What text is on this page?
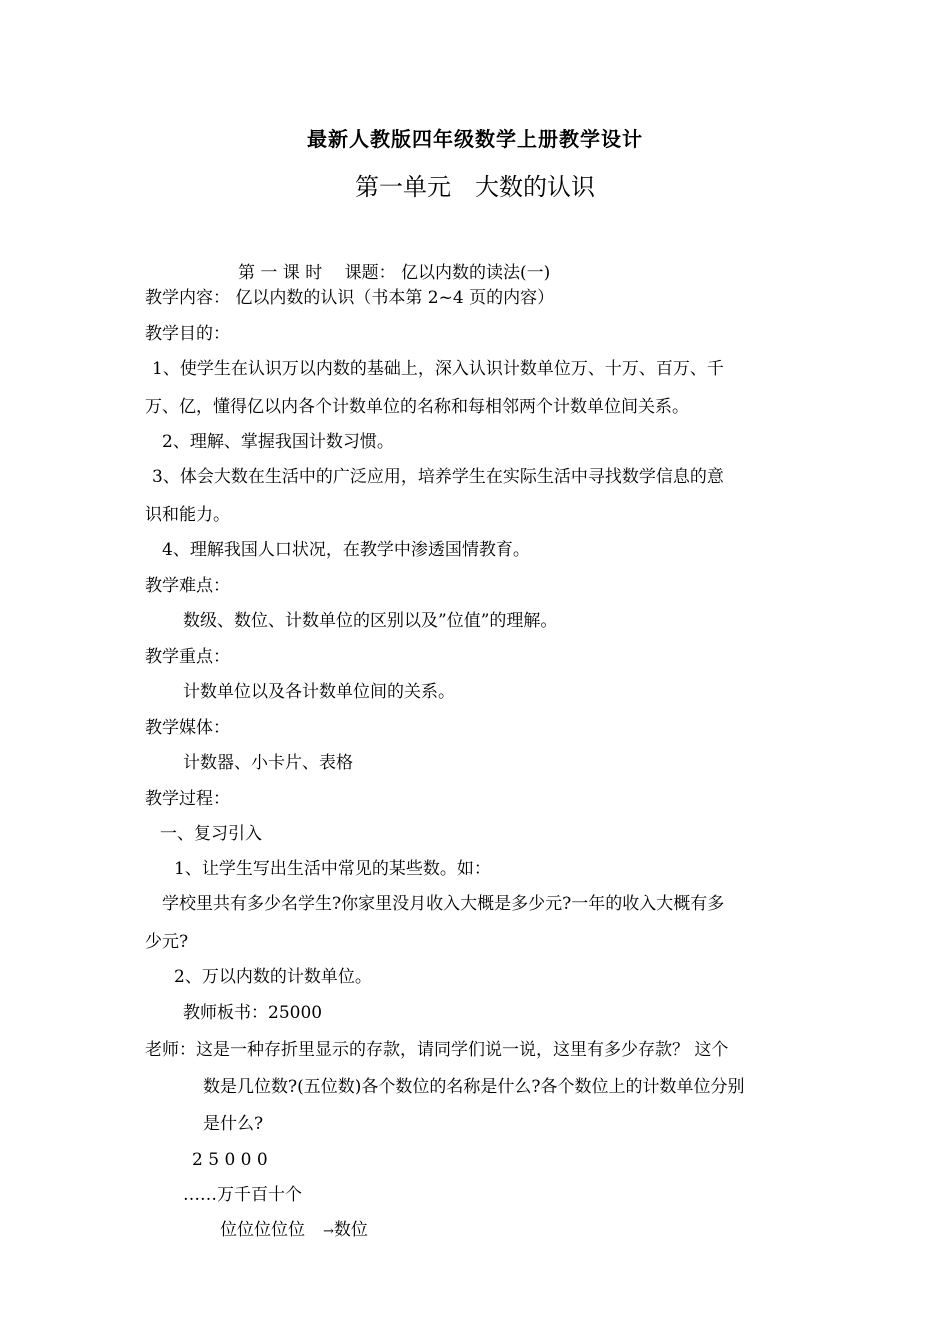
最新人教版四年级数学上册教学设计
第一单元　大数的认识
第 一 课 时　 课题： 亿以内数的读法(一)
教学内容： 亿以内数的认识（书本第 2~4 页的内容）
教学目的：
1、使学生在认识万以内数的基础上，深入认识计数单位万、十万、百万、千
万、亿，懂得亿以内各个计数单位的名称和每相邻两个计数单位间关系。
2、理解、掌握我国计数习惯。
3、体会大数在生活中的广泛应用，培养学生在实际生活中寻找数学信息的意
识和能力。
4、理解我国人口状况，在教学中渗透国情教育。
教学难点：
数级、数位、计数单位的区别以及”位值”的理解。
教学重点：
计数单位以及各计数单位间的关系。
教学媒体：
计数器、小卡片、表格
教学过程：
一、复习引入
1、让学生写出生活中常见的某些数。如：
学校里共有多少名学生?你家里没月收入大概是多少元?一年的收入大概有多
少元?
2、万以内数的计数单位。
教师板书：25000
老师：这是一种存折里显示的存款，请同学们说一说，这里有多少存款？ 这个
数是几位数?(五位数)各个数位的名称是什么?各个数位上的计数单位分别
是什么?
2 5 0 0 0
……万千百十个
位位位位位 →数位
